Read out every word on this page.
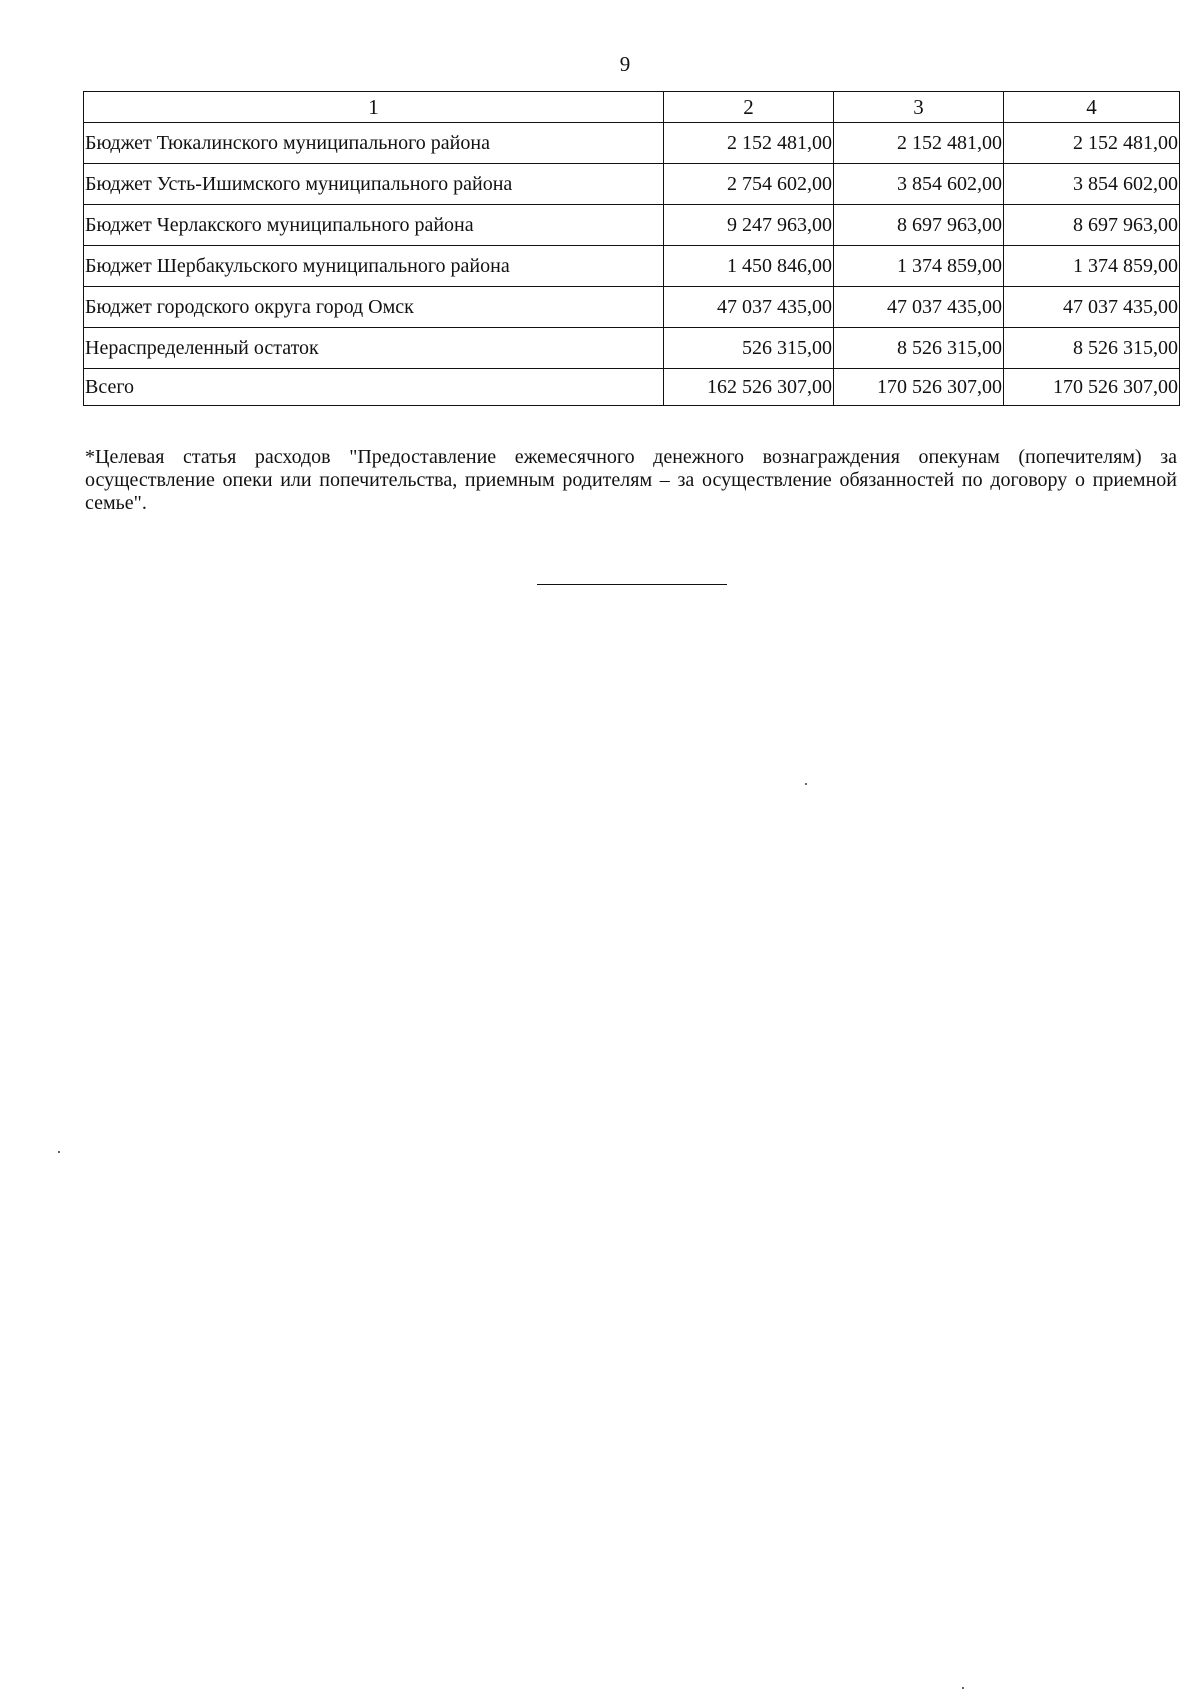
9
1	2	3	4
Бюджет Тюкалинского муниципального района	2 152 481,00	2 152 481,00	2 152 481,00
Бюджет Усть-Ишимского муниципального района	2 754 602,00	3 854 602,00	3 854 602,00
Бюджет Черлакского муниципального района	9 247 963,00	8 697 963,00	8 697 963,00
Бюджет Шербакульского муниципального района	1 450 846,00	1 374 859,00	1 374 859,00
Бюджет городского округа город Омск	47 037 435,00	47 037 435,00	47 037 435,00
Нераспределенный остаток	526 315,00	8 526 315,00	8 526 315,00
Всего	162 526 307,00	170 526 307,00	170 526 307,00
*Целевая статья расходов "Предоставление ежемесячного денежного вознаграждения опекунам (попечителям) за осуществление опеки или попечительства, приемным родителям – за осуществление обязанностей по договору о приемной семье".
